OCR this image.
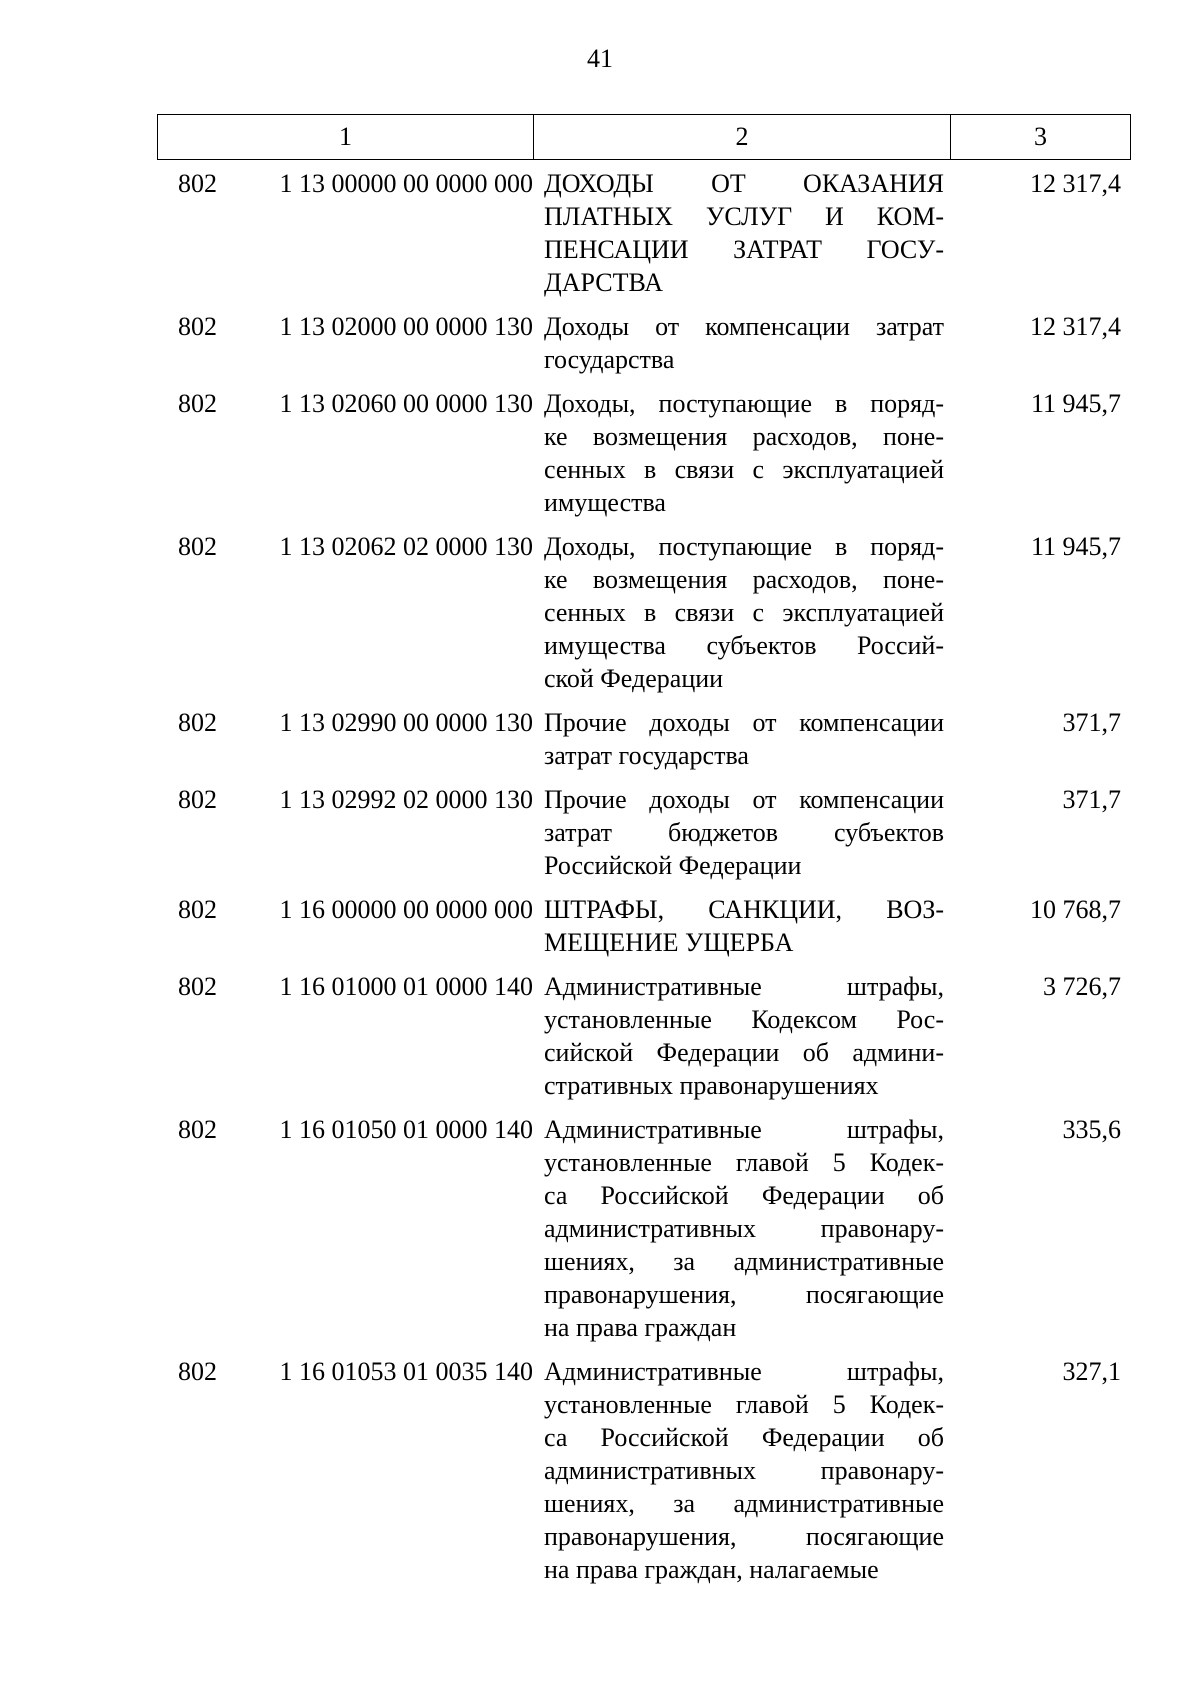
41
1	2	3
802	1 13 00000 00 0000 000 ДОХОДЫ ОТ ОКАЗАНИЯ
ПЛАТНЫХ УСЛУГ И КОМ-
ПЕНСАЦИИ ЗАТРАТ ГОСУ-
ДАРСТВА
12 317,4
802	1 13 02000 00 0000 130 Доходы от компенсации затрат
государства
12 317,4
802	1 13 02060 00 0000 130 Доходы, поступающие в поряд-
ке возмещения расходов, поне-
сенных в связи с эксплуатацией
имущества
11 945,7
802	1 13 02062 02 0000 130 Доходы, поступающие в поряд-
ке возмещения расходов, поне-
сенных в связи с эксплуатацией
имущества субъектов Россий-
ской Федерации
11 945,7
802	1 13 02990 00 0000 130 Прочие доходы от компенсации
затрат государства
371,7
802	1 13 02992 02 0000 130 Прочие доходы от компенсации
затрат бюджетов субъектов
Российской Федерации
371,7
802	1 16 00000 00 0000 000 ШТРАФЫ, САНКЦИИ, ВОЗ-
МЕЩЕНИЕ УЩЕРБА
10 768,7
802	1 16 01000 01 0000 140 Административные штрафы,
установленные Кодексом Рос-
сийской Федерации об админи-
стративных правонарушениях
3 726,7
802	1 16 01050 01 0000 140 Административные штрафы,
установленные главой 5 Кодек-
са Российской Федерации об
административных правонару-
шениях, за административные
правонарушения, посягающие
на права граждан
335,6
802	1 16 01053 01 0035 140 Административные штрафы,
установленные главой 5 Кодек-
са Российской Федерации об
административных правонару-
шениях, за административные
правонарушения, посягающие
на права граждан, налагаемые
327,1
